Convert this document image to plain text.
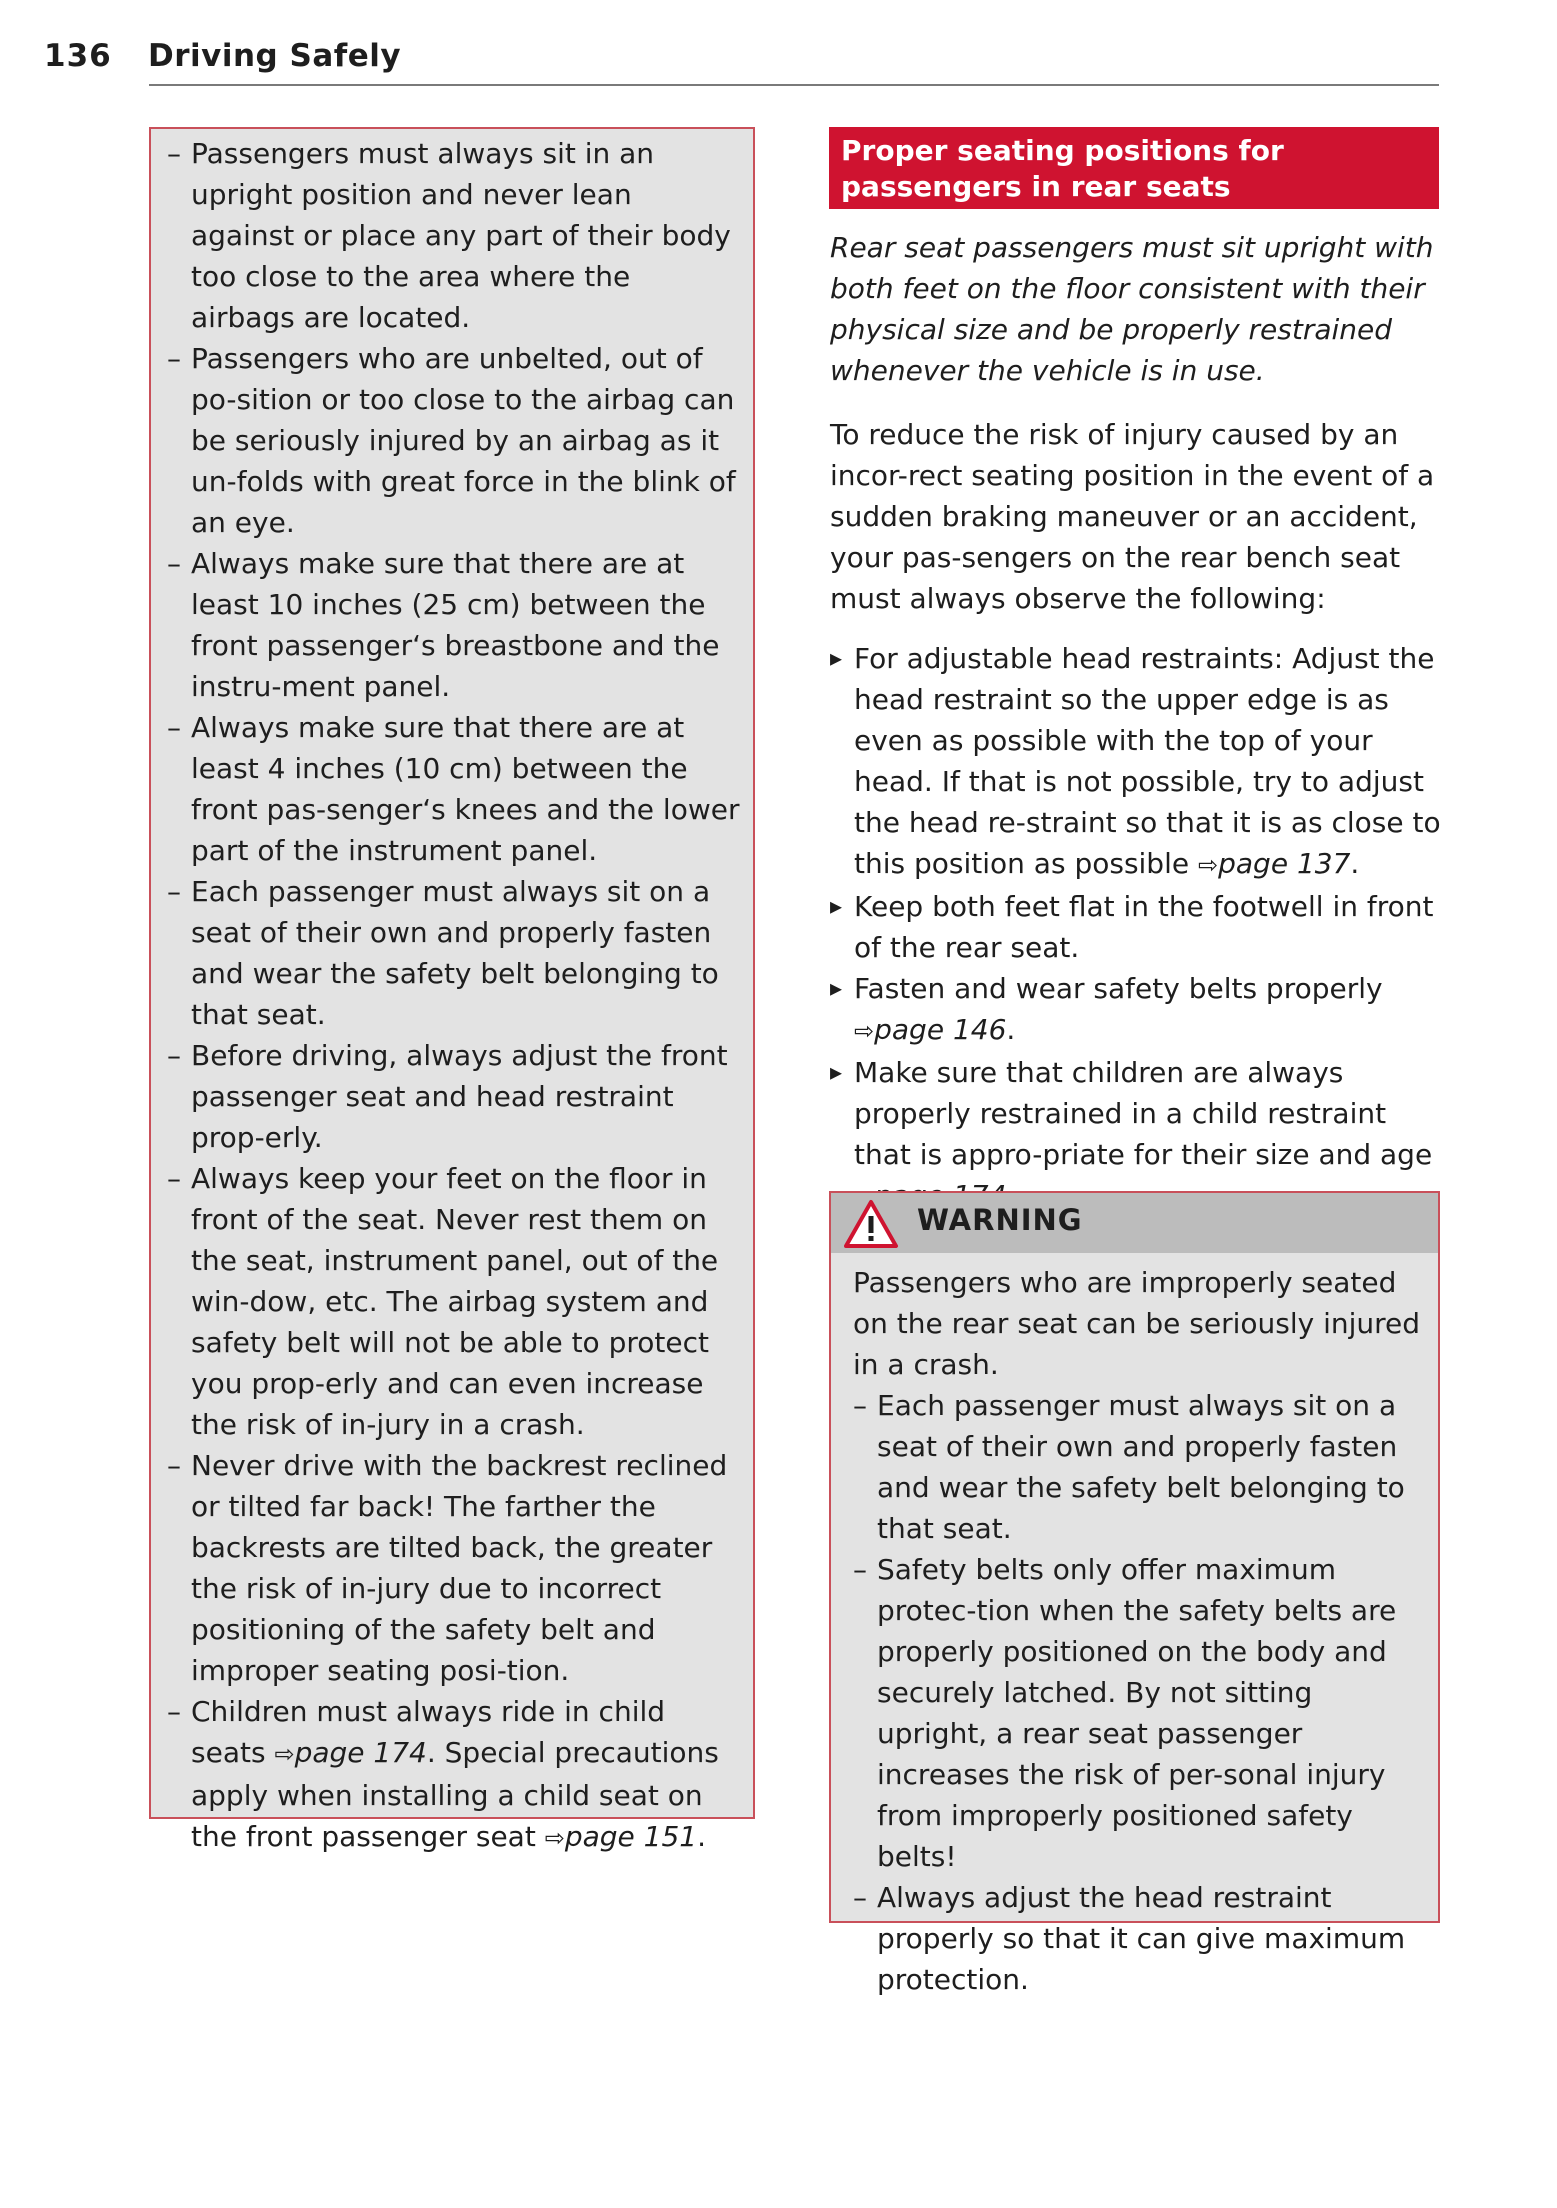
136 Driving Safely
– Passengers must always sit in an upright position and never lean against or place any part of their body too close to the area where the airbags are located.
– Passengers who are unbelted, out of po-sition or too close to the airbag can be seriously injured by an airbag as it un-folds with great force in the blink of an eye.
– Always make sure that there are at least 10 inches (25 cm) between the front passenger‘s breastbone and the instru-ment panel.
– Always make sure that there are at least 4 inches (10 cm) between the front pas-senger‘s knees and the lower part of the instrument panel.
– Each passenger must always sit on a seat of their own and properly fasten and wear the safety belt belonging to that seat.
– Before driving, always adjust the front passenger seat and head restraint prop-erly.
– Always keep your feet on the floor in front of the seat. Never rest them on the seat, instrument panel, out of the win-dow, etc. The airbag system and safety belt will not be able to protect you prop-erly and can even increase the risk of in-jury in a crash.
– Never drive with the backrest reclined or tilted far back! The farther the backrests are tilted back, the greater the risk of in-jury due to incorrect positioning of the safety belt and improper seating posi-tion.
– Children must always ride in child seats ⇨page 174. Special precautions apply when installing a child seat on the front passenger seat ⇨page 151.
Proper seating positions for passengers in rear seats

Rear seat passengers must sit upright with both feet on the floor consistent with their physical size and be properly restrained whenever the vehicle is in use.

To reduce the risk of injury caused by an incor-rect seating position in the event of a sudden braking maneuver or an accident, your pas-sengers on the rear bench seat must always observe the following:

▸ For adjustable head restraints: Adjust the head restraint so the upper edge is as even as possible with the top of your head. If that is not possible, try to adjust the head re-straint so that it is as close to this position as possible ⇨page 137.
▸ Keep both feet flat in the footwell in front of the rear seat.
▸ Fasten and wear safety belts properly ⇨page 146.
▸ Make sure that children are always properly restrained in a child restraint that is appro-priate for their size and age
WARNING

Passengers who are improperly seated on the rear seat can be seriously injured in a crash.

– Each passenger must always sit on a seat of their own and properly fasten and wear the safety belt belonging to that seat.
– Safety belts only offer maximum protec-tion when the safety belts are properly positioned on the body and securely latched. By not sitting upright, a rear seat passenger increases the risk of per-sonal injury from improperly positioned safety belts!
– Always adjust the head restraint properly so that it can give maximum protection.
